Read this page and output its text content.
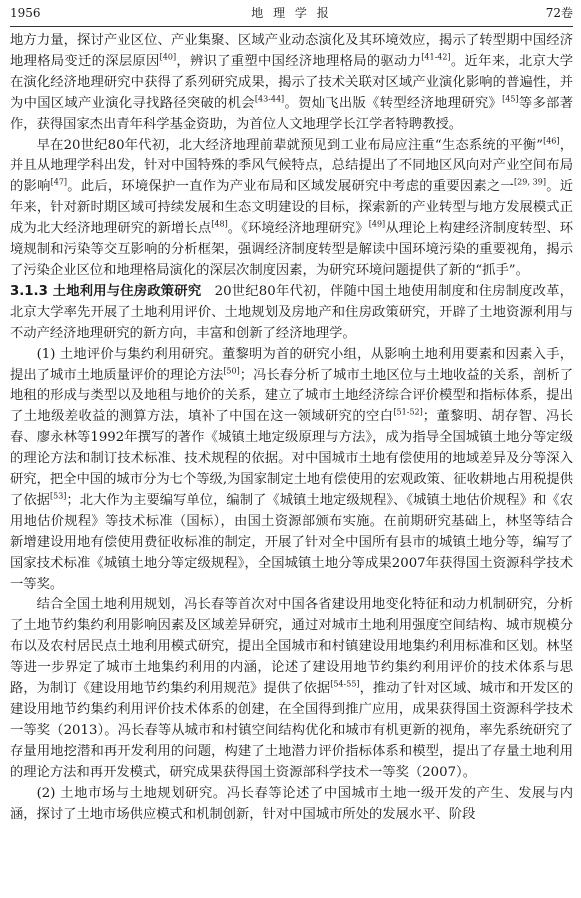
1956	地 理 学 报	72卷

地方力量，探讨产业区位、产业集聚、区域产业动态演化及其环境效应，揭示了转型期中国经济地理格局变迁的深层原因[40]，辨识了重塑中国经济地理格局的驱动力[41-42]。近年来，北京大学在演化经济地理研究中获得了系列研究成果，揭示了技术关联对区域产业演化影响的普遍性，并为中国区域产业演化寻找路径突破的机会[43-44]。贺灿飞出版《转型经济地理研究》[45]等多部著作，获得国家杰出青年科学基金资助，为首位人文地理学长江学者特聘教授。

早在20世纪80年代初，北大经济地理前辈就预见到工业布局应注重“生态系统的平衡”[46]，并且从地理学科出发，针对中国特殊的季风气候特点，总结提出了不同地区风向对产业空间布局的影响[47]。此后，环境保护一直作为产业布局和区域发展研究中考虑的重要因素之一[29, 39]。近年来，针对新时期区域可持续发展和生态文明建设的目标，探索新的产业转型与地方发展模式正成为北大经济地理研究的新增长点[48]。《环境经济地理研究》[49]从理论上构建经济制度转型、环境规制和污染等交互影响的分析框架，强调经济制度转型是解读中国环境污染的重要视角，揭示了污染企业区位和地理格局演化的深层次制度因素，为研究环境问题提供了新的“抓手”。

3.1.3 土地利用与住房政策研究   20世纪80年代初，伴随中国土地使用制度和住房制度改革，北京大学率先开展了土地利用评价、土地规划及房地产和住房政策研究，开辟了土地资源利用与不动产经济地理研究的新方向，丰富和创新了经济地理学。

(1) 土地评价与集约利用研究。董黎明为首的研究小组，从影响土地利用要素和因素入手，提出了城市土地质量评价的理论方法[50]；冯长春分析了城市土地区位与土地收益的关系，剖析了地租的形成与类型以及地租与地价的关系，建立了城市土地经济综合评价模型和指标体系，提出了土地级差收益的测算方法，填补了中国在这一领域研究的空白[51-52]；董黎明、胡存智、冯长春、廖永林等1992年撰写的著作《城镇土地定级原理与方法》，成为指导全国城镇土地分等定级的理论方法和制订技术标准、技术规程的依据。对中国城市土地有偿使用的地域差异及分等深入研究，把全中国的城市分为七个等级,为国家制定土地有偿使用的宏观政策、征收耕地占用税提供了依据[53]；北大作为主要编写单位，编制了《城镇土地定级规程》、《城镇土地估价规程》和《农用地估价规程》等技术标准（国标），由国土资源部颁布实施。在前期研究基础上，林坚等结合新增建设用地有偿使用费征收标准的制定，开展了针对全中国所有县市的城镇土地分等，编写了国家技术标准《城镇土地分等定级规程》，全国城镇土地分等成果2007年获得国土资源科学技术一等奖。

结合全国土地利用规划，冯长春等首次对中国各省建设用地变化特征和动力机制研究，分析了土地节约集约利用影响因素及区域差异研究，通过对城市土地利用强度空间结构、城市规模分布以及农村居民点土地利用模式研究，提出全国城市和村镇建设用地集约利用标准和区划。林坚等进一步界定了城市土地集约利用的内涵，论述了建设用地节约集约利用评价的技术体系与思路，为制订《建设用地节约集约利用规范》提供了依据[54-55]，推动了针对区域、城市和开发区的建设用地节约集约利用评价技术体系的创建，在全国得到推广应用，成果获得国土资源科学技术一等奖（2013）。冯长春等从城市和村镇空间结构优化和城市有机更新的视角，率先系统研究了存量用地挖潜和再开发利用的问题，构建了土地潜力评价指标体系和模型，提出了存量土地利用的理论方法和再开发模式，研究成果获得国土资源部科学技术一等奖（2007）。

(2) 土地市场与土地规划研究。冯长春等论述了中国城市土地一级开发的产生、发展与内涵，探讨了土地市场供应模式和机制创新，针对中国城市所处的发展水平、阶段
